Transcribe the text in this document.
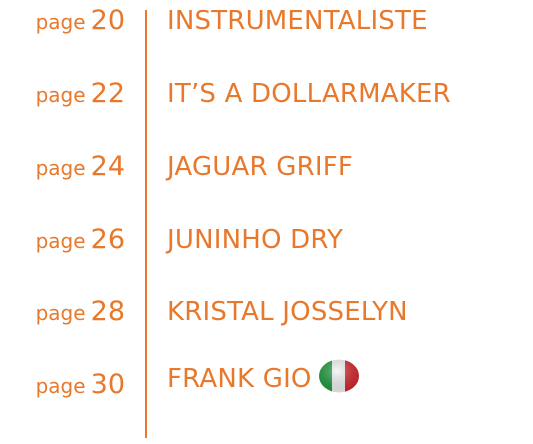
page 20 INSTRUMENTALISTE
page 22 IT’S A DOLLARMAKER
page 24 JAGUAR GRIFF
page 26 JUNINHO DRY
page 28 KRISTAL JOSSELYN
page 30 FRANK GIO
